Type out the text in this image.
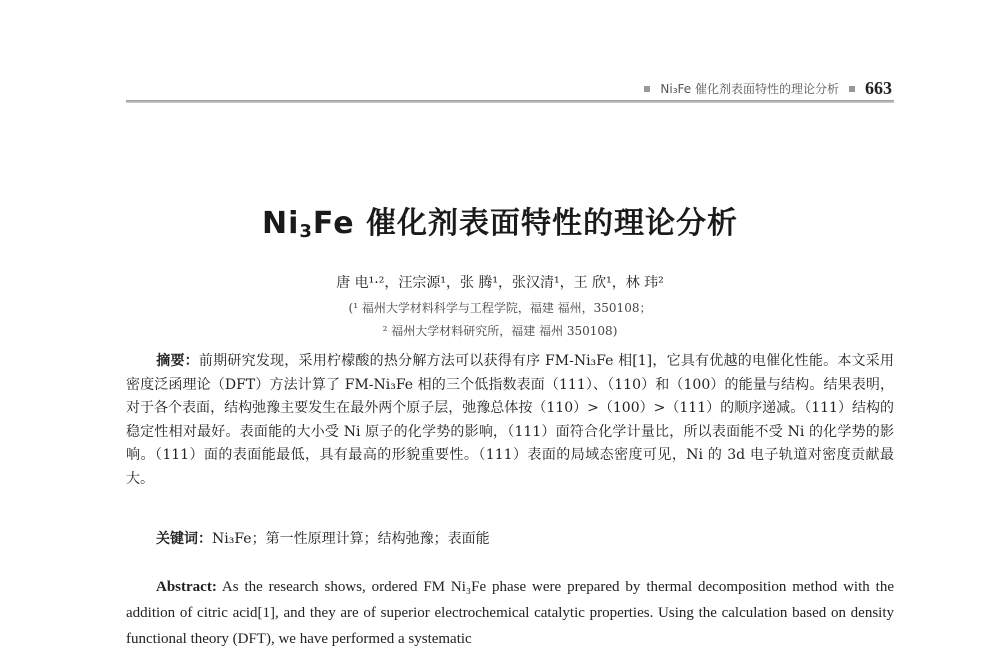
Ni₃Fe 催化剂表面特性的理论分析 663
$Ni_3Fe$ 催化剂表面特性的理论分析
唐 电¹·²，汪宗源¹，张 腾¹，张汉清¹，王 欣¹，林 玮²
(¹ 福州大学材料科学与工程学院，福建 福州，350108；
² 福州大学材料研究所，福建 福州 350108)
摘要：前期研究发现，采用柠檬酸的热分解方法可以获得有序 FM-Ni₃Fe 相[1]，它具有优越的电催化性能。本文采用密度泛函理论（DFT）方法计算了 FM-Ni₃Fe 相的三个低指数表面（111）、（110）和（100）的能量与结构。结果表明，对于各个表面，结构弛豫主要发生在最外两个原子层，弛豫总体按（110）>（100）>（111）的顺序递减。（111）结构的稳定性相对最好。表面能的大小受 Ni 原子的化学势的影响，（111）面符合化学计量比，所以表面能不受 Ni 的化学势的影响。（111）面的表面能最低，具有最高的形貌重要性。（111）表面的局域态密度可见，Ni 的 3d 电子轨道对密度贡献最大。
关键词：Ni₃Fe；第一性原理计算；结构弛豫；表面能
Abstract: As the research shows, ordered FM Ni₃Fe phase were prepared by thermal decomposition method with the addition of citric acid[1], and they are of superior electrochemical catalytic properties. Using the calculation based on density functional theory (DFT), we have performed a systematic
